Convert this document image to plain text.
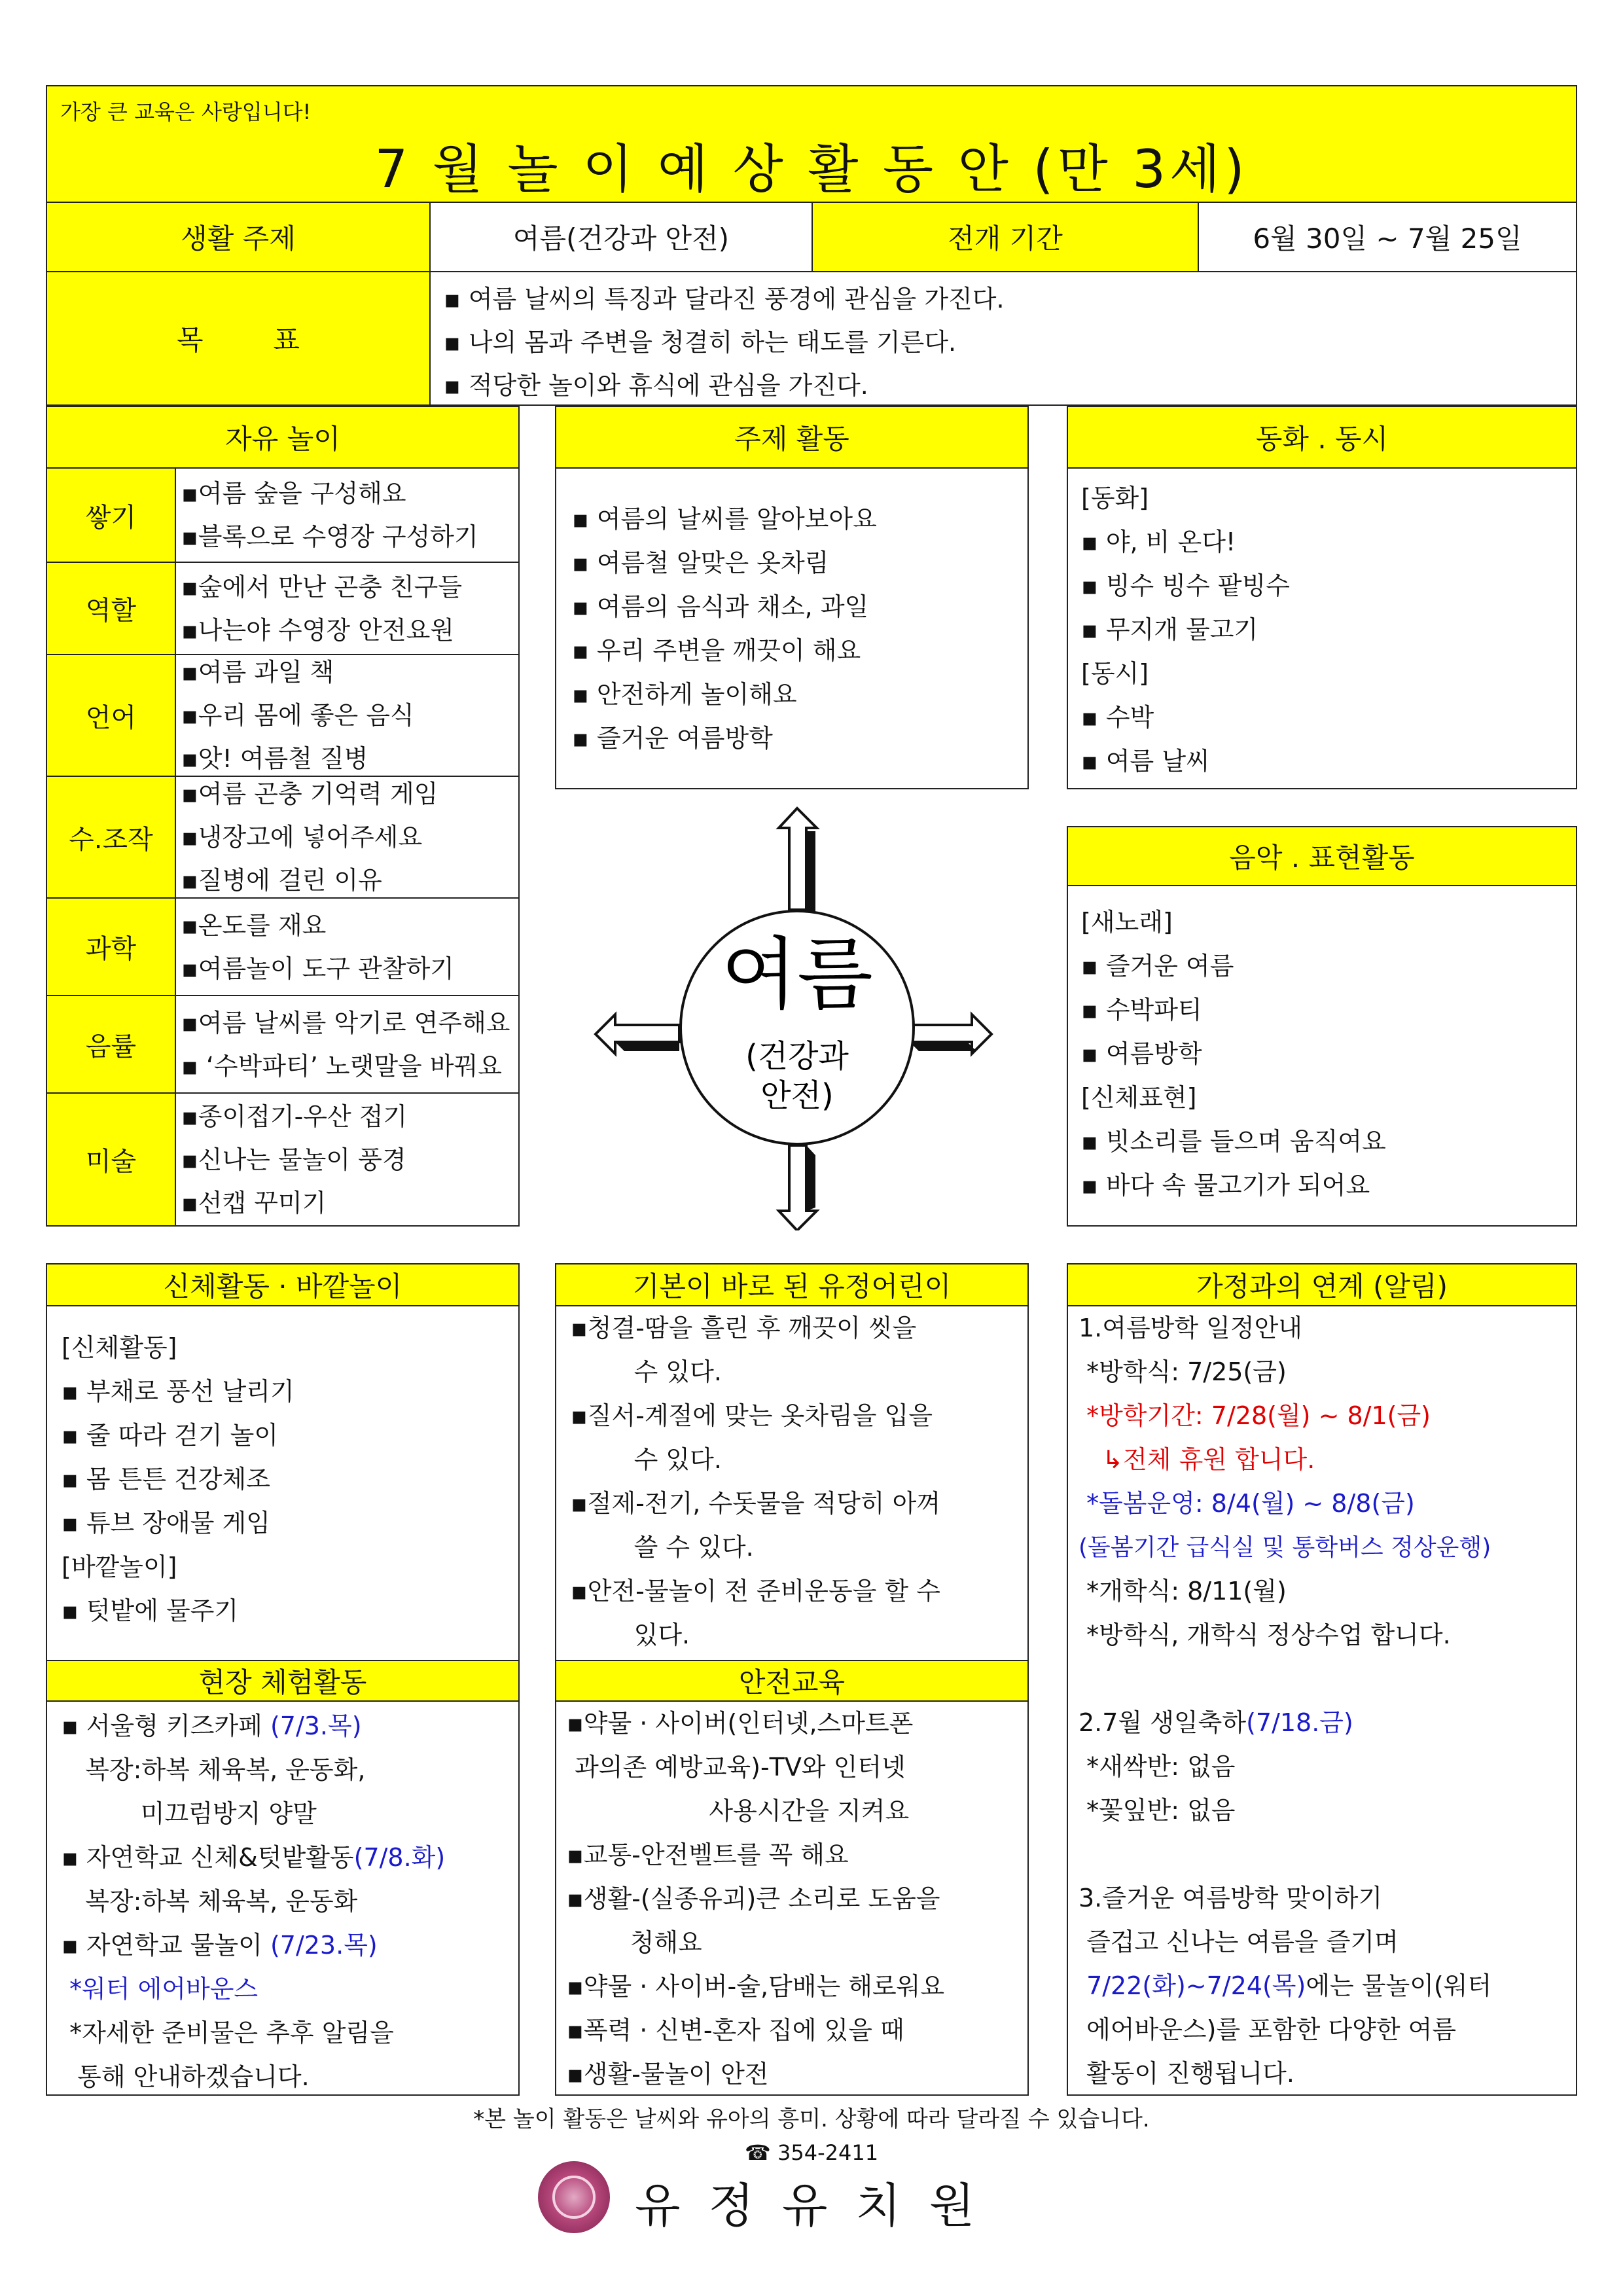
가장 큰 교육은 사랑입니다!
7 월 놀 이 예 상 활 동 안 (만 3세)
생활 주제	여름(건강과 안전)	전개 기간	6월 30일 ~ 7월 25일
목        표
▪ 여름 날씨의 특징과 달라진 풍경에 관심을 가진다.
▪ 나의 몸과 주변을 청결히 하는 태도를 기른다.
▪ 적당한 놀이와 휴식에 관심을 가진다.
자유 놀이
쌓기
▪여름 숲을 구성해요
▪블록으로 수영장 구성하기
역할
▪숲에서 만난 곤충 친구들
▪나는야 수영장 안전요원
언어
▪여름 과일 책
▪우리 몸에 좋은 음식
▪앗! 여름철 질병
수.조작
▪여름 곤충 기억력 게임
▪냉장고에 넣어주세요
▪질병에 걸린 이유
과학
▪온도를 재요
▪여름놀이 도구 관찰하기
음률
▪여름 날씨를 악기로 연주해요
▪ ‘수박파티’ 노랫말을 바꿔요
미술
▪종이접기-우산 접기
▪신나는 물놀이 풍경
▪선캡 꾸미기
주제 활동
▪ 여름의 날씨를 알아보아요
▪ 여름철 알맞은 옷차림
▪ 여름의 음식과 채소, 과일
▪ 우리 주변을 깨끗이 해요
▪ 안전하게 놀이해요
▪ 즐거운 여름방학
동화 . 동시
[동화]
▪ 야, 비 온다!
▪ 빙수 빙수 팥빙수
▪ 무지개 물고기
[동시]
▪ 수박
▪ 여름 날씨
여름
(건강과
안전)
음악 . 표현활동
[새노래]
▪ 즐거운 여름
▪ 수박파티
▪ 여름방학
[신체표현]
▪ 빗소리를 들으며 움직여요
▪ 바다 속 물고기가 되어요
신체활동 · 바깥놀이
[신체활동]
▪ 부채로 풍선 날리기
▪ 줄 따라 걷기 놀이
▪ 몸 튼튼 건강체조
▪ 튜브 장애물 게임
[바깥놀이]
▪ 텃밭에 물주기
기본이 바로 된 유정어린이
▪청결-땀을 흘린 후 깨끗이 씻을
수 있다.
▪질서-계절에 맞는 옷차림을 입을
수 있다.
▪절제-전기, 수돗물을 적당히 아껴
쓸 수 있다.
▪안전-물놀이 전 준비운동을 할 수
있다.
가정과의 연계 (알림)
1.여름방학 일정안내
*방학식: 7/25(금)
*방학기간: 7/28(월) ~ 8/1(금)
↳전체 휴원 합니다.
*돌봄운영: 8/4(월) ~ 8/8(금)
(돌봄기간 급식실 및 통학버스 정상운행)
*개학식: 8/11(월)
*방학식, 개학식 정상수업 합니다.

2.7월 생일축하(7/18.금)
*새싹반: 없음
*꽃잎반: 없음

3.즐거운 여름방학 맞이하기
즐겁고 신나는 여름을 즐기며
7/22(화)~7/24(목)에는 물놀이(워터
에어바운스)를 포함한 다양한 여름
활동이 진행됩니다.
현장 체험활동
▪ 서울형 키즈카페 (7/3.목)
복장:하복 체육복, 운동화,
미끄럼방지 양말
▪ 자연학교 신체&텃밭활동(7/8.화)
복장:하복 체육복, 운동화
▪ 자연학교 물놀이 (7/23.목)
*워터 에어바운스
*자세한 준비물은 추후 알림을
통해 안내하겠습니다.
안전교육
▪약물 · 사이버(인터넷,스마트폰
과의존 예방교육)-TV와 인터넷
사용시간을 지켜요
▪교통-안전벨트를 꼭 해요
▪생활-(실종유괴)큰 소리로 도움을
청해요
▪약물 · 사이버-술,담배는 해로워요
▪폭력 · 신변-혼자 집에 있을 때
▪생활-물놀이 안전
*본 놀이 활동은 날씨와 유아의 흥미. 상황에 따라 달라질 수 있습니다.
☎ 354-2411
유 정 유 치 원
